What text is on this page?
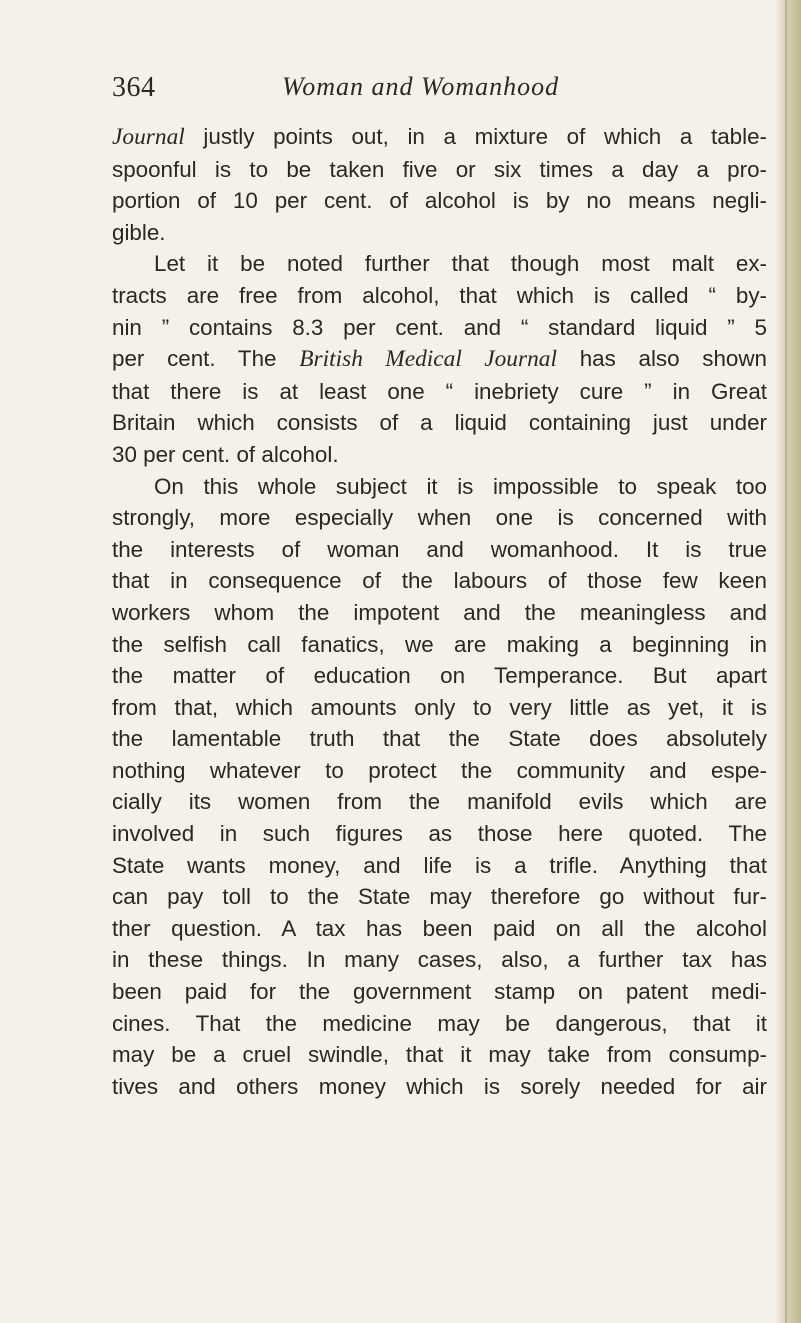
364	Woman and Womanhood
Journal justly points out, in a mixture of which a table-
spoonful is to be taken five or six times a day a pro-
portion of 10 per cent. of alcohol is by no means negli-
gible.
Let it be noted further that though most malt ex-
tracts are free from alcohol, that which is called “ by-
nin ” contains 8.3 per cent. and “ standard liquid ” 5
per cent. The British Medical Journal has also shown
that there is at least one “ inebriety cure ” in Great
Britain which consists of a liquid containing just under
30 per cent. of alcohol.
On this whole subject it is impossible to speak too
strongly, more especially when one is concerned with
the interests of woman and womanhood. It is true
that in consequence of the labours of those few keen
workers whom the impotent and the meaningless and
the selfish call fanatics, we are making a beginning in
the matter of education on Temperance. But apart
from that, which amounts only to very little as yet, it is
the lamentable truth that the State does absolutely
nothing whatever to protect the community and espe-
cially its women from the manifold evils which are
involved in such figures as those here quoted. The
State wants money, and life is a trifle. Anything that
can pay toll to the State may therefore go without fur-
ther question. A tax has been paid on all the alcohol
in these things. In many cases, also, a further tax has
been paid for the government stamp on patent medi-
cines. That the medicine may be dangerous, that it
may be a cruel swindle, that it may take from consump-
tives and others money which is sorely needed for air
